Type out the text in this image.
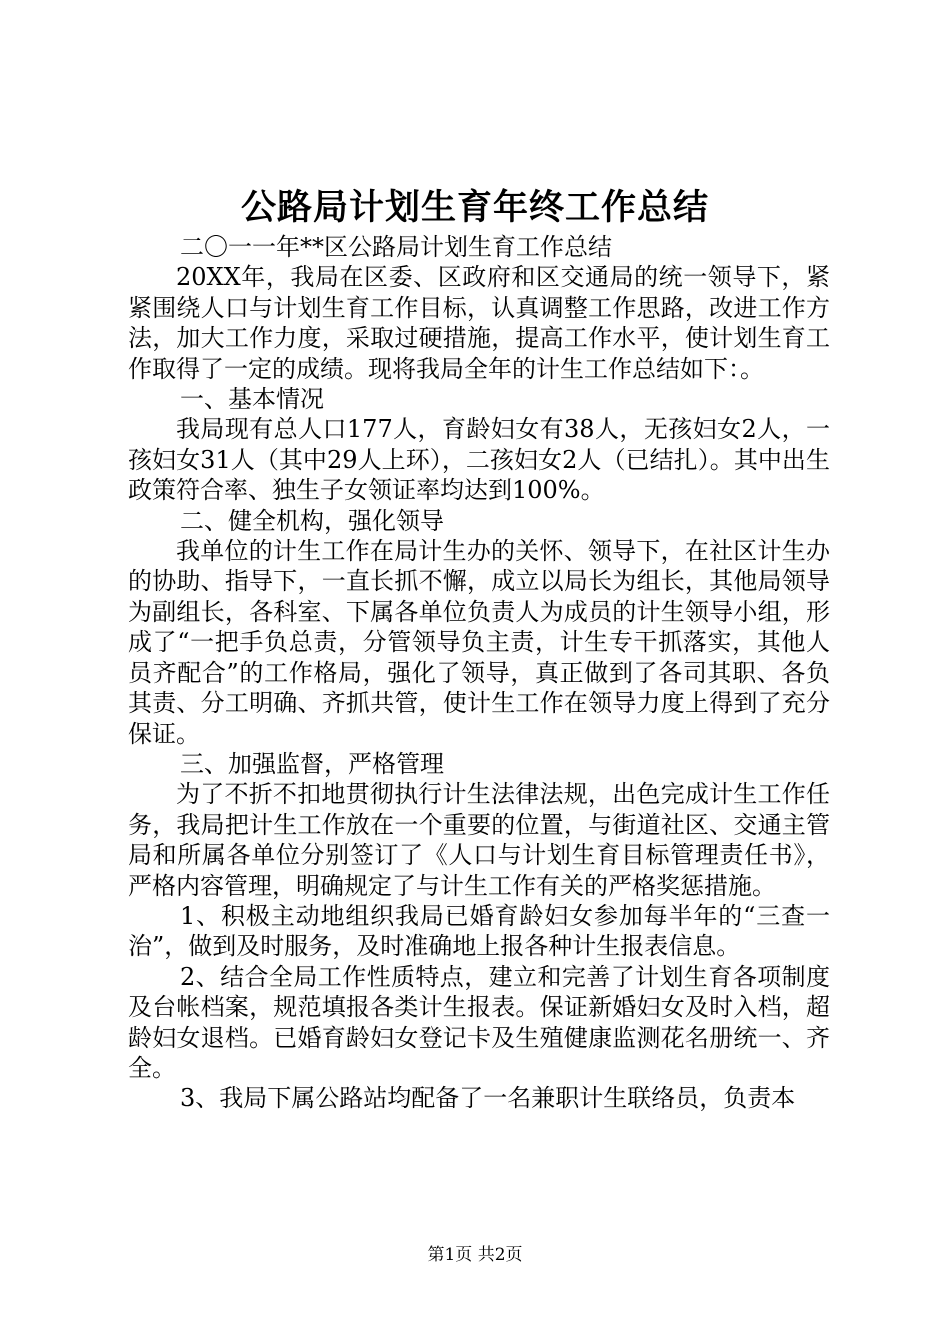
公路局计划生育年终工作总结

二〇一一年**区公路局计划生育工作总结

20XX年，我局在区委、区政府和区交通局的统一领导下，紧紧围绕人口与计划生育工作目标，认真调整工作思路，改进工作方法，加大工作力度，采取过硬措施，提高工作水平，使计划生育工作取得了一定的成绩。现将我局全年的计生工作总结如下：。

一、基本情况

我局现有总人口177人，育龄妇女有38人，无孩妇女2人，一孩妇女31人（其中29人上环），二孩妇女2人（已结扎）。其中出生政策符合率、独生子女领证率均达到100%。

二、健全机构，强化领导

我单位的计生工作在局计生办的关怀、领导下，在社区计生办的协助、指导下，一直长抓不懈，成立以局长为组长，其他局领导为副组长，各科室、下属各单位负责人为成员的计生领导小组，形成了“一把手负总责，分管领导负主责，计生专干抓落实，其他人员齐配合”的工作格局，强化了领导，真正做到了各司其职、各负其责、分工明确、齐抓共管，使计生工作在领导力度上得到了充分保证。

三、加强监督，严格管理

为了不折不扣地贯彻执行计生法律法规，出色完成计生工作任务，我局把计生工作放在一个重要的位置，与街道社区、交通主管局和所属各单位分别签订了《人口与计划生育目标管理责任书》，严格内容管理，明确规定了与计生工作有关的严格奖惩措施。

1、积极主动地组织我局已婚育龄妇女参加每半年的“三查一治”，做到及时服务，及时准确地上报各种计生报表信息。

2、结合全局工作性质特点，建立和完善了计划生育各项制度及台帐档案，规范填报各类计生报表。保证新婚妇女及时入档，超龄妇女退档。已婚育龄妇女登记卡及生殖健康监测花名册统一、齐全。

3、我局下属公路站均配备了一名兼职计生联络员，负责本

第1页 共2页
